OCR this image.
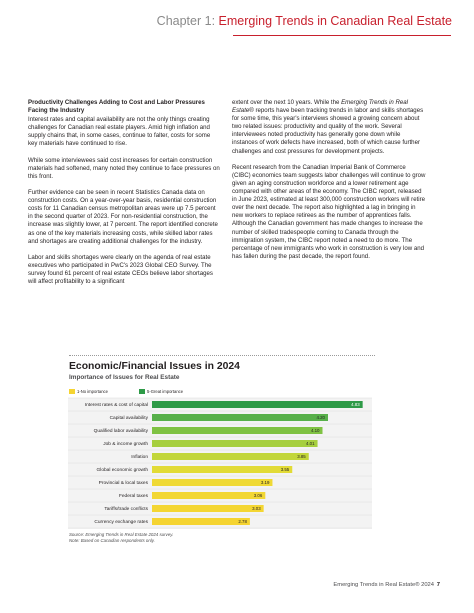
Chapter 1: Emerging Trends in Canadian Real Estate

Productivity Challenges Adding to Cost and Labor Pressures Facing the Industry

Interest rates and capital availability are not the only things creating challenges for Canadian real estate players. Amid high inflation and supply chains that, in some cases, continue to falter, costs for some key materials have continued to rise.

While some interviewees said cost increases for certain construction materials had softened, many noted they continue to face pressures on this front.

Further evidence can be seen in recent Statistics Canada data on construction costs. On a year-over-year basis, residential construction costs for 11 Canadian census metropolitan areas were up 7.5 percent in the second quarter of 2023. For non-residential construction, the increase was slightly lower, at 7 percent. The report identified concrete as one of the key materials increasing costs, while skilled labor rates and shortages are creating additional challenges for the industry.

Labor and skills shortages were clearly on the agenda of real estate executives who participated in PwC's 2023 Global CEO Survey. The survey found 61 percent of real estate CEOs believe labor shortages will affect profitability to a significant

extent over the next 10 years. While the Emerging Trends in Real Estate® reports have been tracking trends in labor and skills shortages for some time, this year's interviews showed a growing concern about two related issues: productivity and quality of the work. Several interviewees noted productivity has generally gone down while instances of work defects have increased, both of which cause further challenges and cost pressures for development projects.

Recent research from the Canadian Imperial Bank of Commerce (CIBC) economics team suggests labor challenges will continue to grow given an aging construction workforce and a lower retirement age compared with other areas of the economy. The CIBC report, released in June 2023, estimated at least 300,000 construction workers will retire over the next decade. The report also highlighted a lag in bringing in new workers to replace retirees as the number of apprentices falls. Although the Canadian government has made changes to increase the number of skilled tradespeople coming to Canada through the immigration system, the CIBC report noted a need to do more. The percentage of new immigrants who work in construction is very low and has fallen during the past decade, the report found.

Economic/Financial Issues in 2024
Importance of Issues for Real Estate
1-No importance	5-Great importance
Interest rates & cost of capital	4.83
Capital availability	4.20
Qualified labor availability	4.10
Job & income growth	4.01
Inflation	3.85
Global economic growth	3.55
Provincial & local taxes	3.19
Federal taxes	3.06
Tariffs/trade conflicts	3.03
Currency exchange rates	2.78
Source: Emerging Trends in Real Estate 2024 survey.
Note: Based on Canadian respondents only.
Emerging Trends in Real Estate® 2024 7
